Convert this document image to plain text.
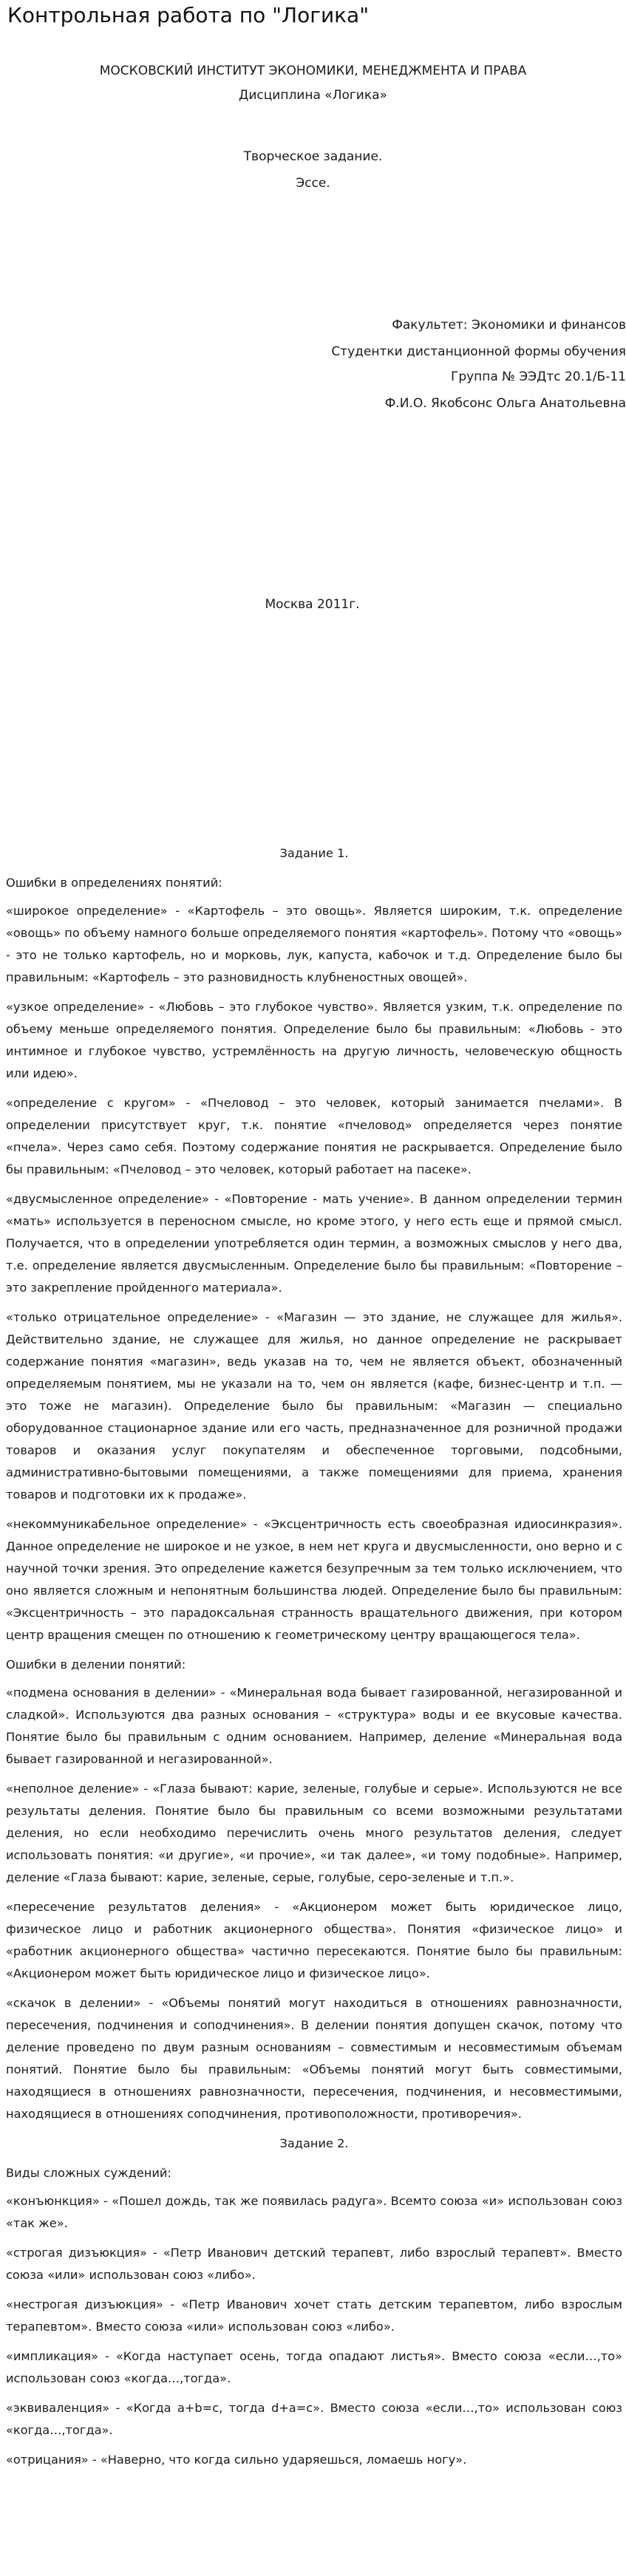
Контрольная работа по "Логика"

МОСКОВСКИЙ ИНСТИТУТ ЭКОНОМИКИ, МЕНЕДЖМЕНТА И ПРАВА

Дисциплина «Логика»

Творческое задание.

Эссе.

Факультет: Экономики и финансов

Студентки дистанционной формы обучения

Группа № ЭЭДтс 20.1/Б-11

Ф.И.О. Якобсонс Ольга Анатольевна

Москва 2011г.

Задание 1.

Ошибки в определениях понятий:

«широкое определение» - «Картофель – это овощь». Является широким, т.к. определение «овощь» по объему намного больше определяемого понятия «картофель». Потому что «овощь» - это не только картофель, но и морковь, лук, капуста, кабочок и т.д. Определение было бы правильным: «Картофель – это разновидность клубненостных овощей».

«узкое определение» - «Любовь – это глубокое чувство». Является узким, т.к. определение по объему меньше определяемого понятия. Определение было бы правильным: «Любовь - это интимное и глубокое чувство, устремлённость на другую личность, человеческую общность или идею».

«определение с кругом» - «Пчеловод – это человек, который занимается пчелами». В определении присутствует круг, т.к. понятие «пчеловод» определяется через понятие «пчела». Через само себя. Поэтому содержание понятия не раскрывается. Определение было бы правильным: «Пчеловод – это человек, который работает на пасеке».

«двусмысленное определение» - «Повторение - мать учение». В данном определении термин «мать» используется в переносном смысле, но кроме этого, у него есть еще и прямой смысл. Получается, что в определении употребляется один термин, а возможных смыслов у него два, т.е. определение является двусмысленным. Определение было бы правильным: «Повторение – это закрепление пройденного материала».

«только отрицательное определение» - «Магазин — это здание, не служащее для жилья». Действительно здание, не служащее для жилья, но данное определение не раскрывает содержание понятия «магазин», ведь указав на то, чем не является объект, обозначенный определяемым понятием, мы не указали на то, чем он является (кафе, бизнес-центр и т.п. — это тоже не магазин). Определение было бы правильным: «Магазин — специально оборудованное стационарное здание или его часть, предназначенное для розничной продажи товаров и оказания услуг покупателям и обеспеченное торговыми, подсобными, административно-бытовыми помещениями, а также помещениями для приема, хранения товаров и подготовки их к продаже».

«некоммуникабельное определение» - «Эксцентричность есть своеобразная идиосинкразия». Данное определение не широкое и не узкое, в нем нет круга и двусмысленности, оно верно и с научной точки зрения. Это определение кажется безупречным за тем только исключением, что оно является сложным и непонятным большинства людей. Определение было бы правильным: «Эксцентричность – это парадоксальная странность вращательного движения, при котором центр вращения смещен по отношению к геометрическому центру вращающегося тела».

Ошибки в делении понятий:

«подмена основания в делении» - «Минеральная вода бывает газированной, негазированной и сладкой». Используются два разных основания – «структура» воды и ее вкусовые качества. Понятие было бы правильным с одним основанием. Например, деление «Минеральная вода бывает газированной и негазированной».

«неполное деление» - «Глаза бывают: карие, зеленые, голубые и серые». Используются не все результаты деления. Понятие было бы правильным со всеми возможными результатами деления, но если необходимо перечислить очень много результатов деления, следует использовать понятия: «и другие», «и прочие», «и так далее», «и тому подобные». Например, деление «Глаза бывают: карие, зеленые, серые, голубые, серо-зеленые и т.п.».

«пересечение результатов деления» - «Акционером может быть юридическое лицо, физическое лицо и работник акционерного общества». Понятия «физическое лицо» и «работник акционерного общества» частично пересекаются. Понятие было бы правильным: «Акционером может быть юридическое лицо и физическое лицо».

«скачок в делении» - «Объемы понятий могут находиться в отношениях равнозначности, пересечения, подчинения и соподчинения». В делении понятия допущен скачок, потому что деление проведено по двум разным основаниям – совместимым и несовместимым объемам понятий. Понятие было бы правильным: «Объемы понятий могут быть совместимыми, находящиеся в отношениях равнозначности, пересечения, подчинения, и несовместимыми, находящиеся в отношениях соподчинения, противоположности, противоречия».

Задание 2.

Виды сложных суждений:

«конъюнкция» - «Пошел дождь, так же появилась радуга». Всемто союза «и» использован союз «так же».

«строгая дизъюкция» - «Петр Иванович детский терапевт, либо взрослый терапевт». Вместо союза «или» использован союз «либо».

«нестрогая дизъюкция» - «Петр Иванович хочет стать детским терапевтом, либо взрослым терапевтом». Вместо союза «или» использован союз «либо».

«импликация» - «Когда наступает осень, тогда опадают листья». Вместо союза «если…,то» использован союз «когда…,тогда».

«эквиваленция» - «Когда a+b=c, тогда d+a=c». Вместо союза «если…,то» использован союз «когда…,тогда».

«отрицания» - «Наверно, что когда сильно ударяешься, ломаешь ногу».
